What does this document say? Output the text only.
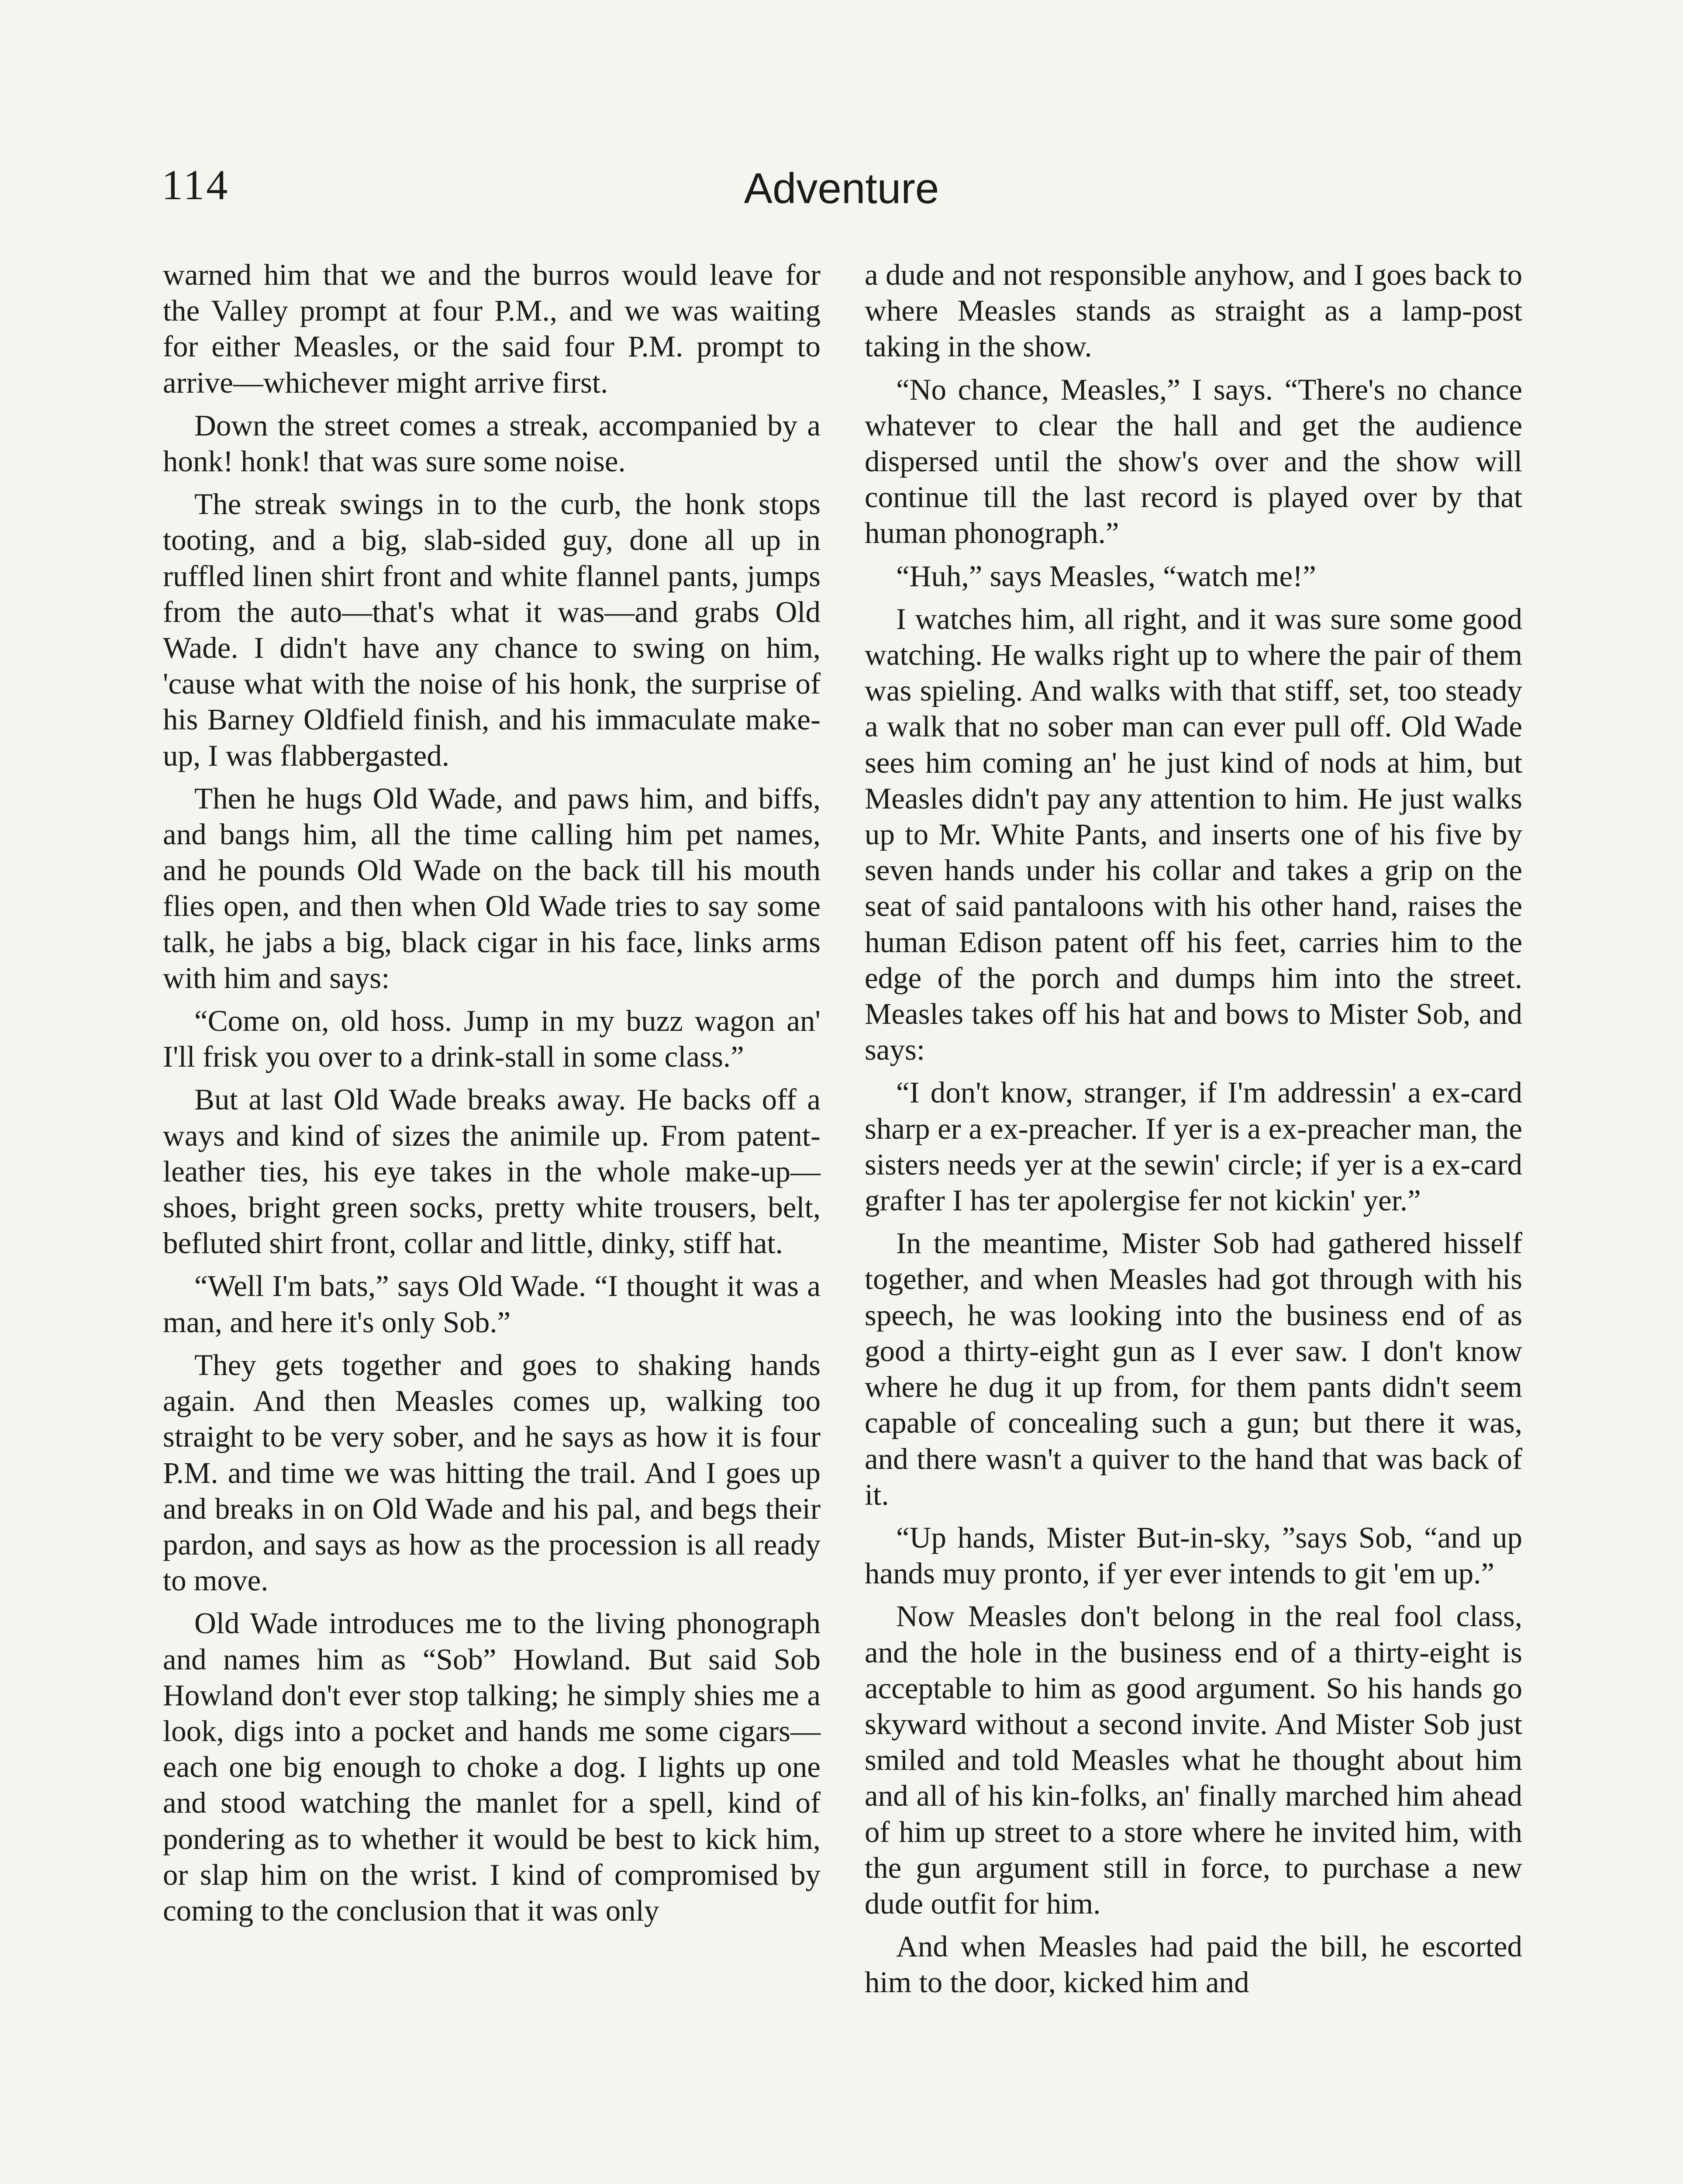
114	Adventure

warned him that we and the burros would leave for the Valley prompt at four P.M., and we was waiting for either Measles, or the said four P.M. prompt to arrive—whichever might arrive first.

Down the street comes a streak, accompanied by a honk! honk! that was sure some noise.

The streak swings in to the curb, the honk stops tooting, and a big, slab-sided guy, done all up in ruffled linen shirt front and white flannel pants, jumps from the auto—that's what it was—and grabs Old Wade. I didn't have any chance to swing on him, 'cause what with the noise of his honk, the surprise of his Barney Oldfield finish, and his immaculate make-up, I was flabbergasted.

Then he hugs Old Wade, and paws him, and biffs, and bangs him, all the time calling him pet names, and he pounds Old Wade on the back till his mouth flies open, and then when Old Wade tries to say some talk, he jabs a big, black cigar in his face, links arms with him and says:

“Come on, old hoss. Jump in my buzz wagon an' I'll frisk you over to a drink-stall in some class.”

But at last Old Wade breaks away. He backs off a ways and kind of sizes the animile up. From patent-leather ties, his eye takes in the whole make-up—shoes, bright green socks, pretty white trousers, belt, befluted shirt front, collar and little, dinky, stiff hat.

“Well I'm bats,” says Old Wade. “I thought it was a man, and here it's only Sob.”

They gets together and goes to shaking hands again. And then Measles comes up, walking too straight to be very sober, and he says as how it is four P.M. and time we was hitting the trail. And I goes up and breaks in on Old Wade and his pal, and begs their pardon, and says as how as the procession is all ready to move.

Old Wade introduces me to the living phonograph and names him as “Sob” Howland. But said Sob Howland don't ever stop talking; he simply shies me a look, digs into a pocket and hands me some cigars—each one big enough to choke a dog. I lights up one and stood watching the manlet for a spell, kind of pondering as to whether it would be best to kick him, or slap him on the wrist. I kind of compromised by coming to the conclusion that it was only

a dude and not responsible anyhow, and I goes back to where Measles stands as straight as a lamp-post taking in the show.

“No chance, Measles,” I says. “There's no chance whatever to clear the hall and get the audience dispersed until the show's over and the show will continue till the last record is played over by that human phonograph.”

“Huh,” says Measles, “watch me!”

I watches him, all right, and it was sure some good watching. He walks right up to where the pair of them was spieling. And walks with that stiff, set, too steady a walk that no sober man can ever pull off. Old Wade sees him coming an' he just kind of nods at him, but Measles didn't pay any attention to him. He just walks up to Mr. White Pants, and inserts one of his five by seven hands under his collar and takes a grip on the seat of said pantaloons with his other hand, raises the human Edison patent off his feet, carries him to the edge of the porch and dumps him into the street. Measles takes off his hat and bows to Mister Sob, and says:

“I don't know, stranger, if I'm addressin' a ex-card sharp er a ex-preacher. If yer is a ex-preacher man, the sisters needs yer at the sewin' circle; if yer is a ex-card grafter I has ter apolergise fer not kickin' yer.”

In the meantime, Mister Sob had gathered hisself together, and when Measles had got through with his speech, he was looking into the business end of as good a thirty-eight gun as I ever saw. I don't know where he dug it up from, for them pants didn't seem capable of concealing such a gun; but there it was, and there wasn't a quiver to the hand that was back of it.

“Up hands, Mister But-in-sky, ”says Sob, “and up hands muy pronto, if yer ever intends to git 'em up.”

Now Measles don't belong in the real fool class, and the hole in the business end of a thirty-eight is acceptable to him as good argument. So his hands go skyward without a second invite. And Mister Sob just smiled and told Measles what he thought about him and all of his kin-folks, an' finally marched him ahead of him up street to a store where he invited him, with the gun argument still in force, to purchase a new dude outfit for him.

And when Measles had paid the bill, he escorted him to the door, kicked him and
